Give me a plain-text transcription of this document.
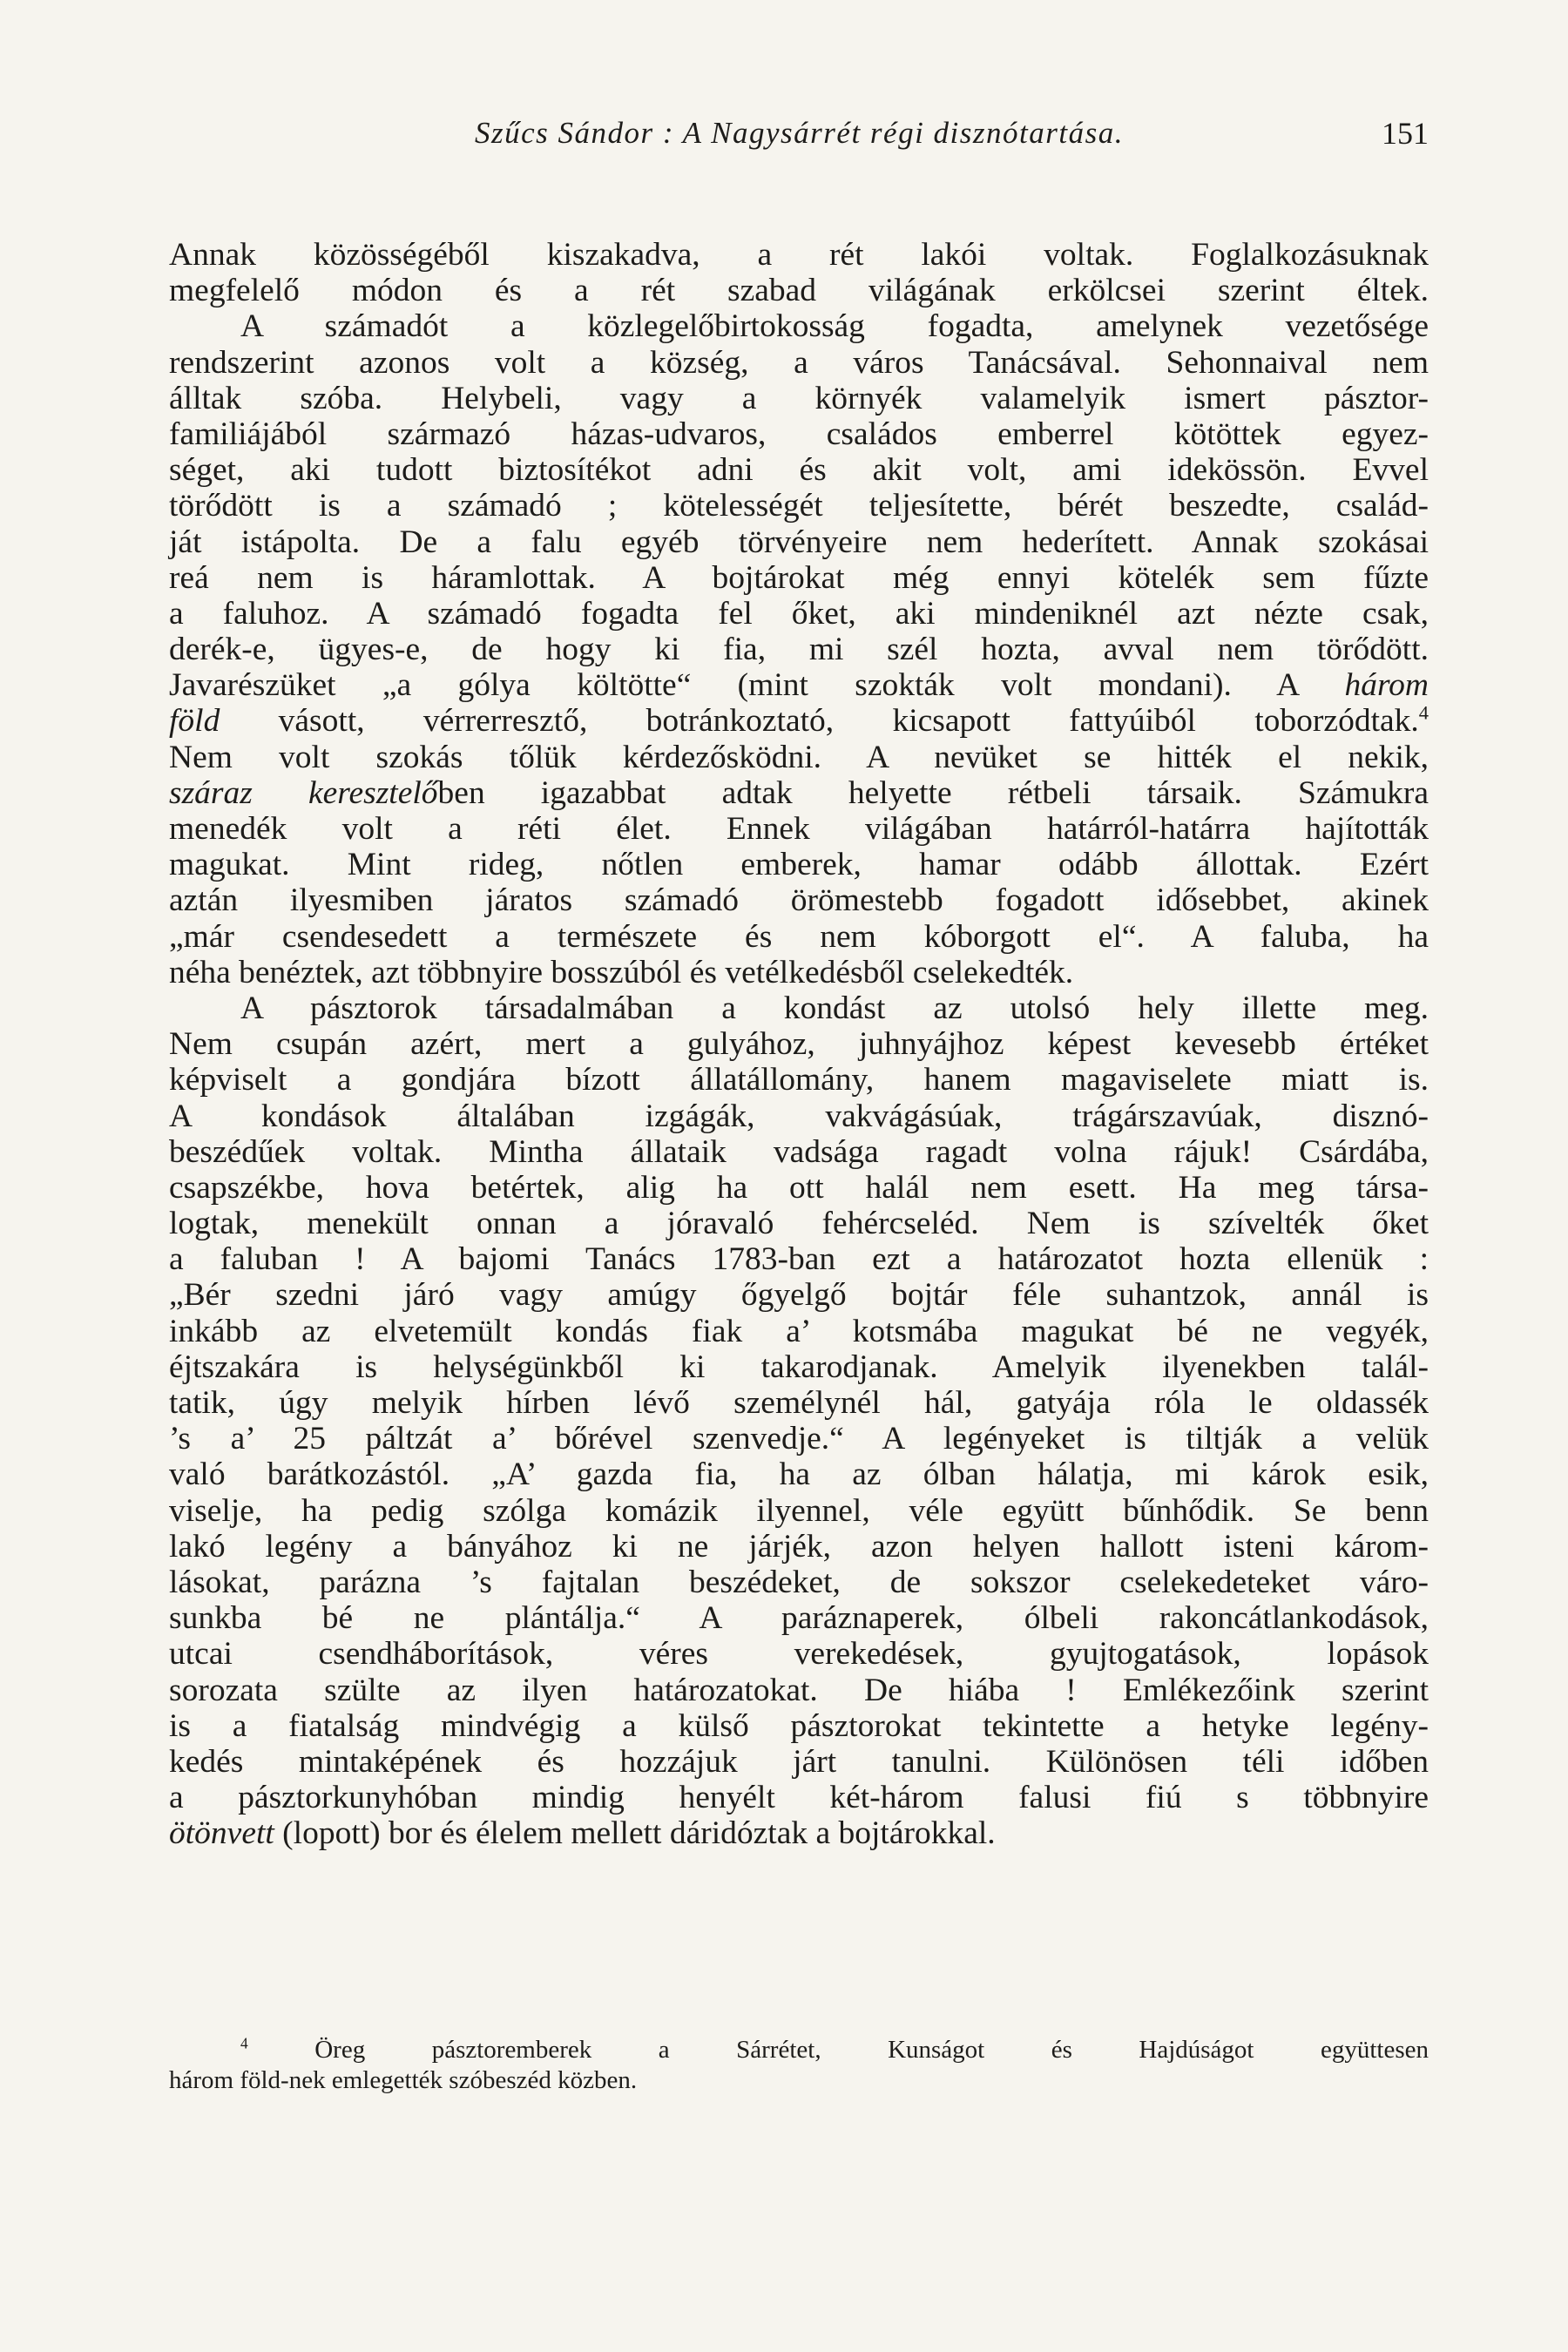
Szűcs Sándor : A Nagysárrét régi disznótartása.	151
Annak közösségéből kiszakadva, a rét lakói voltak. Foglalkozásuknak
megfelelő módon és a rét szabad világának erkölcsei szerint éltek.
A számadót a közlegelőbirtokosság fogadta, amelynek vezetősége
rendszerint azonos volt a község, a város Tanácsával. Sehonnaival nem
álltak szóba. Helybeli, vagy a környék valamelyik ismert pásztor-
familiájából származó házas-udvaros, családos emberrel kötöttek egyez-
séget, aki tudott biztosítékot adni és akit volt, ami idekössön. Evvel
törődött is a számadó ; kötelességét teljesítette, bérét beszedte, család-
ját istápolta. De a falu egyéb törvényeire nem hederített. Annak szokásai
reá nem is háramlottak. A bojtárokat még ennyi kötelék sem fűzte
a faluhoz. A számadó fogadta fel őket, aki mindeniknél azt nézte csak,
derék-e, ügyes-e, de hogy ki fia, mi szél hozta, avval nem törődött.
Javarészüket „a gólya költötte“ (mint szokták volt mondani). A három
föld vásott, vérrerresztő, botránkoztató, kicsapott fattyúiból toborzódtak.$^4$
Nem volt szokás tőlük kérdezősködni. A nevüket se hitték el nekik,
száraz keresztelőben igazabbat adtak helyette rétbeli társaik. Számukra
menedék volt a réti élet. Ennek világában határról-határra hajították
magukat. Mint rideg, nőtlen emberek, hamar odább állottak. Ezért
aztán ilyesmiben járatos számadó örömestebb fogadott idősebbet, akinek
„már csendesedett a természete és nem kóborgott el“. A faluba, ha
néha benéztek, azt többnyire bosszúból és vetélkedésből cselekedték.
A pásztorok társadalmában a kondást az utolsó hely illette meg.
Nem csupán azért, mert a gulyához, juhnyájhoz képest kevesebb értéket
képviselt a gondjára bízott állatállomány, hanem magaviselete miatt is.
A kondások általában izgágák, vakvágásúak, trágárszavúak, disznó-
beszédűek voltak. Mintha állataik vadsága ragadt volna rájuk! Csárdába,
csapszékbe, hova betértek, alig ha ott halál nem esett. Ha meg társa-
logtak, menekült onnan a jóravaló fehércseléd. Nem is szívelték őket
a faluban ! A bajomi Tanács 1783-ban ezt a határozatot hozta ellenük :
„Bér szedni járó vagy amúgy őgyelgő bojtár féle suhantzok, annál is
inkább az elvetemült kondás fiak a’ kotsmába magukat bé ne vegyék,
éjtszakára is helységünkből ki takarodjanak. Amelyik ilyenekben talál-
tatik, úgy melyik hírben lévő személynél hál, gatyája róla le oldassék
’s a’ 25 páltzát a’ bőrével szenvedje.“ A legényeket is tiltják a velük
való barátkozástól. „A’ gazda fia, ha az ólban hálatja, mi károk esik,
viselje, ha pedig szólga komázik ilyennel, véle együtt bűnhődik. Se benn
lakó legény a bányához ki ne járjék, azon helyen hallott isteni károm-
lásokat, parázna ’s fajtalan beszédeket, de sokszor cselekedeteket váro-
sunkba bé ne plántálja.“ A paráznaperek, ólbeli rakoncátlankodások,
utcai csendháborítások, véres verekedések, gyujtogatások, lopások
sorozata szülte az ilyen határozatokat. De hiába ! Emlékezőink szerint
is a fiatalság mindvégig a külső pásztorokat tekintette a hetyke legény-
kedés mintaképének és hozzájuk járt tanulni. Különösen téli időben
a pásztorkunyhóban mindig henyélt két-három falusi fiú s többnyire
ötönvett (lopott) bor és élelem mellett dáridóztak a bojtárokkal.
$^4$	Öreg pásztoremberek a Sárrétet, Kunságot és Hajdúságot együttesen
három föld-nek emlegették szóbeszéd közben.
